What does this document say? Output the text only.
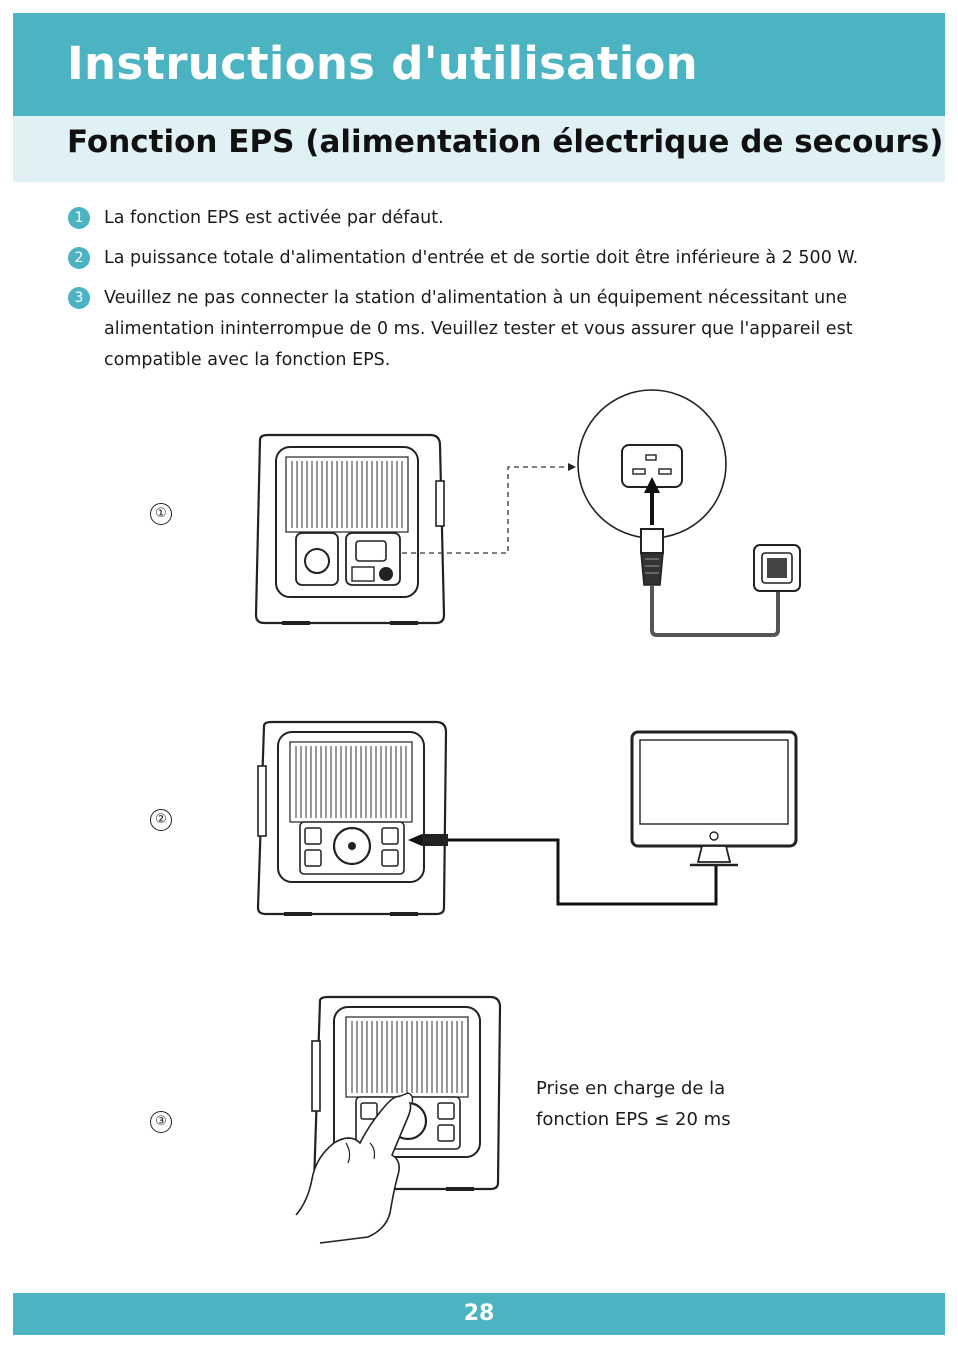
Instructions d'utilisation
Fonction EPS (alimentation électrique de secours)
1	La fonction EPS est activée par défaut.
2	La puissance totale d'alimentation d'entrée et de sortie doit être inférieure à 2 500 W.
3	Veuillez ne pas connecter la station d'alimentation à un équipement nécessitant une alimentation ininterrompue de 0 ms. Veuillez tester et vous assurer que l'appareil est compatible avec la fonction EPS.
①
②
③
Prise en charge de la
fonction EPS ≤ 20 ms
28
